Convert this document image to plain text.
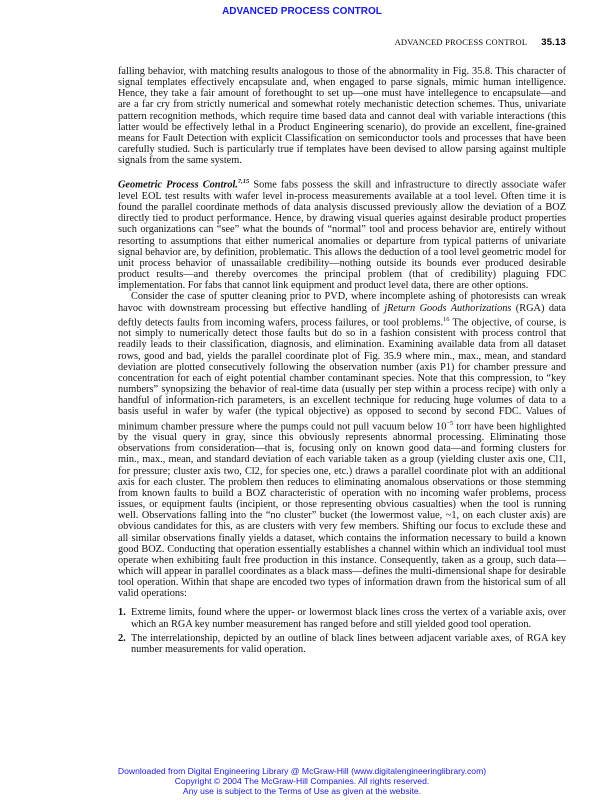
ADVANCED PROCESS CONTROL
ADVANCED PROCESS CONTROL 35.13

falling behavior, with matching results analogous to those of the abnormality in Fig. 35.8. This character of signal templates effectively encapsulate and, when engaged to parse signals, mimic human intelligence. Hence, they take a fair amount of forethought to set up—one must have intellegence to encapsulate—and are a far cry from strictly numerical and somewhat rotely mechanistic detection schemes. Thus, univariate pattern recognition methods, which require time based data and cannot deal with variable interactions (this latter would be effectively lethal in a Product Engineering scenario), do provide an excellent, fine-grained means for Fault Detection with explicit Classification on semiconductor tools and processes that have been carefully studied. Such is particularly true if templates have been devised to allow parsing against multiple signals from the same system.

Geometric Process Control.$^{7,15}$ Some fabs possess the skill and infrastructure to directly associate wafer level EOL test results with wafer level in-process measurements available at a tool level. Often time it is found the parallel coordinate methods of data analysis discussed previously allow the deviation of a BOZ directly tied to product performance. Hence, by drawing visual queries against desirable product properties such organizations can “see” what the bounds of “normal” tool and process behavior are, entirely without resorting to assumptions that either numerical anomalies or departure from typical patterns of univariate signal behavior are, by definition, problematic. This allows the deduction of a tool level geometric model for unit process behavior of unassailable credibility—nothing outside its bounds ever produced desirable product results—and thereby overcomes the principal problem (that of credibility) plaguing FDC implementation. For fabs that cannot link equipment and product level data, there are other options.

Consider the case of sputter cleaning prior to PVD, where incomplete ashing of photoresists can wreak havoc with downstream processing but effective handling of jReturn Goods Authorizations (RGA) data deftly detects faults from incoming wafers, process failures, or tool problems.$^{16}$ The objective, of course, is not simply to numerically detect those faults but do so in a fashion consistent with process control that readily leads to their classification, diagnosis, and elimination. Examining available data from all dataset rows, good and bad, yields the parallel coordinate plot of Fig. 35.9 where min., max., mean, and standard deviation are plotted consecutively following the observation number (axis P1) for chamber pressure and concentration for each of eight potential chamber contaminant species. Note that this compression, to “key numbers” synopsizing the behavior of real-time data (usually per step within a process recipe) with only a handful of information-rich parameters, is an excellent technique for reducing huge volumes of data to a basis useful in wafer by wafer (the typical objective) as opposed to second by second FDC. Values of minimum chamber pressure where the pumps could not pull vacuum below $10^{-5}$ torr have been highlighted by the visual query in gray, since this obviously represents abnormal processing. Eliminating those observations from consideration—that is, focusing only on known good data—and forming clusters for min., max., mean, and standard deviation of each variable taken as a group (yielding cluster axis one, Cl1, for pressure; cluster axis two, Cl2, for species one, etc.) draws a parallel coordinate plot with an additional axis for each cluster. The problem then reduces to eliminating anomalous observations or those stemming from known faults to build a BOZ characteristic of operation with no incoming wafer problems, process issues, or equipment faults (incipient, or those representing obvious casualties) when the tool is running well. Observations falling into the “no cluster” bucket (the lowermost value, ~1, on each cluster axis) are obvious candidates for this, as are clusters with very few members. Shifting our focus to exclude these and all similar observations finally yields a dataset, which contains the information necessary to build a known good BOZ. Conducting that operation essentially establishes a channel within which an individual tool must operate when exhibiting fault free production in this instance. Consequently, taken as a group, such data—which will appear in parallel coordinates as a black mass—defines the multi-dimensional shape for desirable tool operation. Within that shape are encoded two types of information drawn from the historical sum of all valid operations:

1. Extreme limits, found where the upper- or lowermost black lines cross the vertex of a variable axis, over which an RGA key number measurement has ranged before and still yielded good tool operation.
2. The interrelationship, depicted by an outline of black lines between adjacent variable axes, of RGA key number measurements for valid operation.
Downloaded from Digital Engineering Library @ McGraw-Hill (www.digitalengineeringlibrary.com)
Copyright © 2004 The McGraw-Hill Companies. All rights reserved.
Any use is subject to the Terms of Use as given at the website.
